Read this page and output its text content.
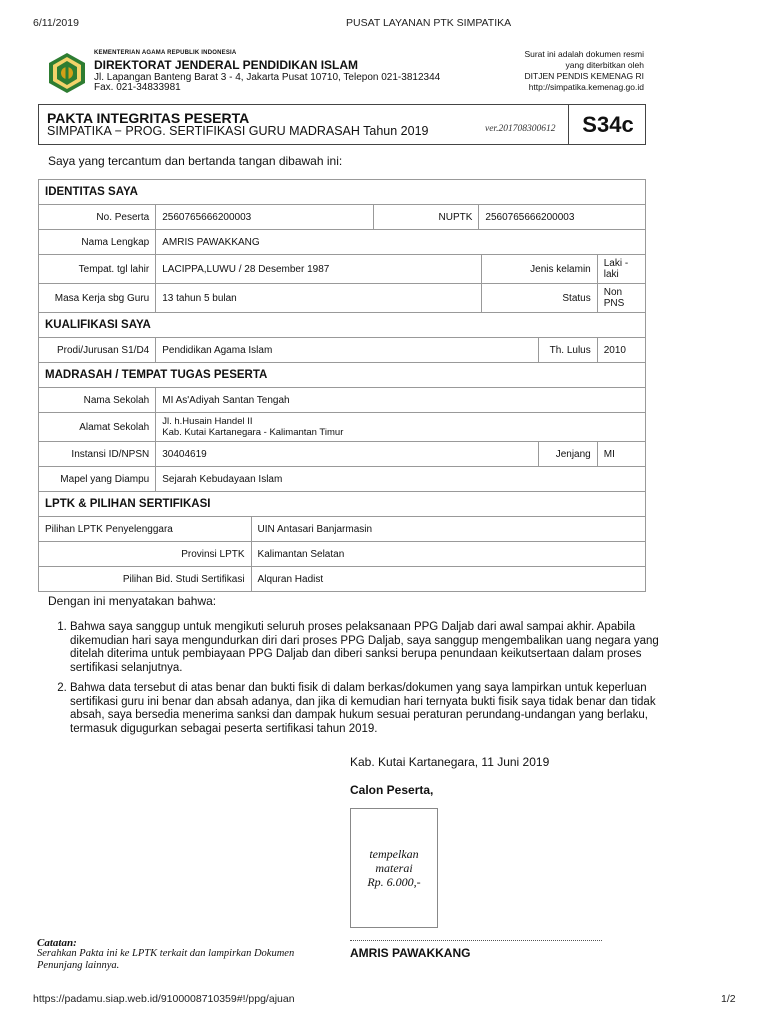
6/11/2019	PUSAT LAYANAN PTK SIMPATIKA
KEMENTERIAN AGAMA REPUBLIK INDONESIA
DIREKTORAT JENDERAL PENDIDIKAN ISLAM
Jl. Lapangan Banteng Barat 3 - 4, Jakarta Pusat 10710, Telepon 021-3812344
Fax. 021-34833981
Surat ini adalah dokumen resmi
yang diterbitkan oleh
DITJEN PENDIS KEMENAG RI
http://simpatika.kemenag.go.id
PAKTA INTEGRITAS PESERTA
SIMPATIKA − PROG. SERTIFIKASI GURU MADRASAH Tahun 2019	ver.201708300612	S34c
Saya yang tercantum dan bertanda tangan dibawah ini:
IDENTITAS SAYA							
No. Peserta	2560765666200003		NUPTK	2560765666200003			
Nama Lengkap	AMRIS PAWAKKANG						
Tempat. tgl lahir	LACIPPA,LUWU / 28 Desember 1987				Jenis kelamin		Laki - laki
Masa Kerja sbg Guru	13 tahun 5 bulan				Status		Non PNS
KUALIFIKASI SAYA							
Prodi/Jurusan S1/D4	Pendidikan Agama Islam					Th. Lulus	2010
MADRASAH / TEMPAT TUGAS PESERTA							
Nama Sekolah	MI As'Adiyah Santan Tengah						
Alamat Sekolah	Jl. h.Husain Handel II
Kab. Kutai Kartanegara - Kalimantan Timur						

Instansi ID/NPSN	30404619					Jenjang	MI
Mapel yang Diampu	Sejarah Kebudayaan Islam						
LPTK & PILIHAN SERTIFIKASI							
Pilihan LPTK Penyelenggara		UIN Antasari Banjarmasin					
Provinsi LPTK		Kalimantan Selatan					
Pilihan Bid. Studi Sertifikasi		Alquran Hadist					
Dengan ini menyatakan bahwa:
1. Bahwa saya sanggup untuk mengikuti seluruh proses pelaksanaan PPG Daljab dari awal sampai akhir. Apabila dikemudian hari saya mengundurkan diri dari proses PPG Daljab, saya sanggup mengembalikan uang negara yang ditelah diterima untuk pembiayaan PPG Daljab dan diberi sanksi berupa penundaan keikutsertaan dalam proses sertifikasi selanjutnya.
2. Bahwa data tersebut di atas benar dan bukti fisik di dalam berkas/dokumen yang saya lampirkan untuk keperluan sertifikasi guru ini benar dan absah adanya, dan jika di kemudian hari ternyata bukti fisik saya tidak benar dan tidak absah, saya bersedia menerima sanksi dan dampak hukum sesuai peraturan perundang-undangan yang berlaku, termasuk digugurkan sebagai peserta sertifikasi tahun 2019.
Kab. Kutai Kartanegara, 11 Juni 2019
Calon Peserta,
tempelkan
materai
Rp. 6.000,-
AMRIS PAWAKKANG
Catatan:
Serahkan Pakta ini ke LPTK terkait dan lampirkan Dokumen Penunjang lainnya.
https://padamu.siap.web.id/9100008710359#!/ppg/ajuan	1/2
